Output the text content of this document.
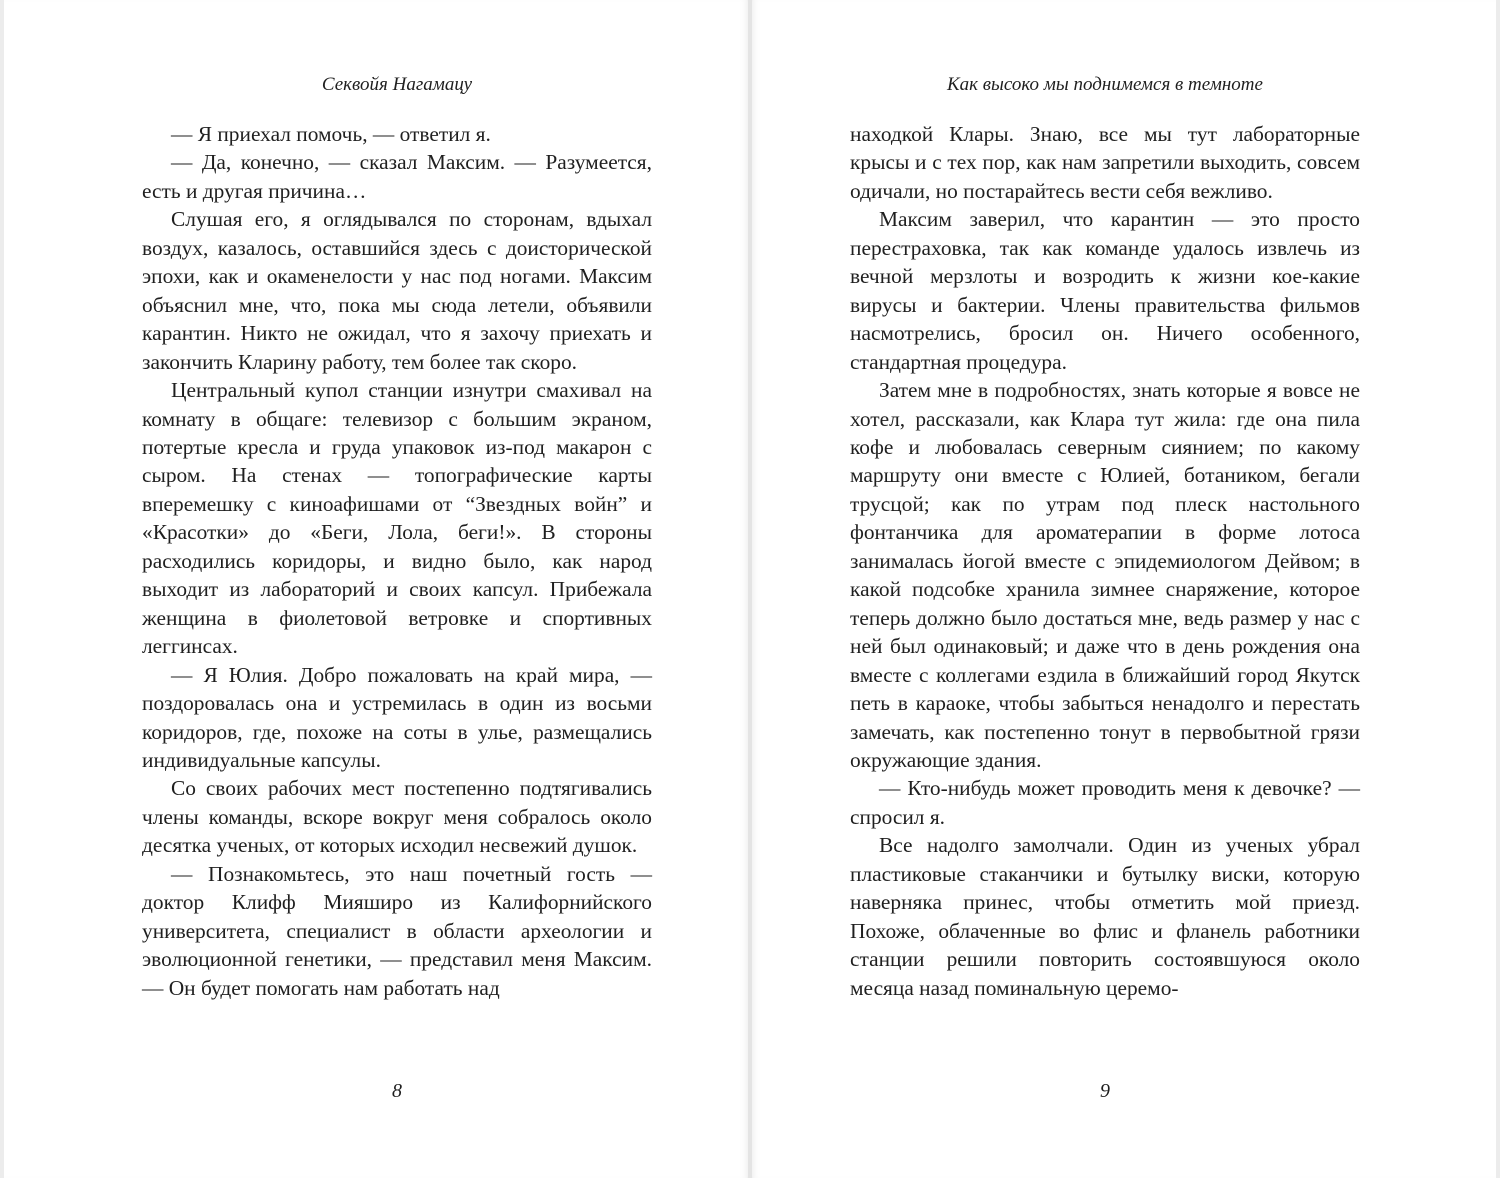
Секвойя Нагамацу

— Я приехал помочь, — ответил я.

— Да, конечно, — сказал Максим. — Разумеется, есть и другая причина…

Слушая его, я оглядывался по сторонам, вдыхал воздух, казалось, оставшийся здесь с доисторической эпохи, как и окаменелости у нас под ногами. Максим объяснил мне, что, пока мы сюда летели, объявили карантин. Никто не ожидал, что я захочу приехать и закончить Кларину работу, тем более так скоро.

Центральный купол станции изнутри смахивал на комнату в общаге: телевизор с большим экраном, потертые кресла и груда упаковок из-под макарон с сыром. На стенах — топографические карты вперемешку с киноафишами от “Звездных войн” и «Красотки» до «Беги, Лола, беги!». В стороны расходились коридоры, и видно было, как народ выходит из лабораторий и своих капсул. Прибежала женщина в фиолетовой ветровке и спортивных леггинсах.

— Я Юлия. Добро пожаловать на край мира, — поздоровалась она и устремилась в один из восьми коридоров, где, похоже на соты в улье, размещались индивидуальные капсулы.

Со своих рабочих мест постепенно подтягивались члены команды, вскоре вокруг меня собралось около десятка ученых, от которых исходил несвежий душок.

— Познакомьтесь, это наш почетный гость — доктор Клифф Мияширо из Калифорнийского университета, специалист в области археологии и эволюционной генетики, — представил меня Максим. — Он будет помогать нам работать над

8
Как высоко мы поднимемся в темноте

находкой Клары. Знаю, все мы тут лабораторные крысы и с тех пор, как нам запретили выходить, совсем одичали, но постарайтесь вести себя вежливо.

Максим заверил, что карантин — это просто перестраховка, так как команде удалось извлечь из вечной мерзлоты и возродить к жизни кое-какие вирусы и бактерии. Члены правительства фильмов насмотрелись, бросил он. Ничего особенного, стандартная процедура.

Затем мне в подробностях, знать которые я вовсе не хотел, рассказали, как Клара тут жила: где она пила кофе и любовалась северным сиянием; по какому маршруту они вместе с Юлией, ботаником, бегали трусцой; как по утрам под плеск настольного фонтанчика для ароматерапии в форме лотоса занималась йогой вместе с эпидемиологом Дейвом; в какой подсобке хранила зимнее снаряжение, которое теперь должно было достаться мне, ведь размер у нас с ней был одинаковый; и даже что в день рождения она вместе с коллегами ездила в ближайший город Якутск петь в караоке, чтобы забыться ненадолго и перестать замечать, как постепенно тонут в первобытной грязи окружающие здания.

— Кто-нибудь может проводить меня к девочке? — спросил я.

Все надолго замолчали. Один из ученых убрал пластиковые стаканчики и бутылку виски, которую наверняка принес, чтобы отметить мой приезд. Похоже, облаченные во флис и фланель работники станции решили повторить состоявшуюся около месяца назад поминальную церемо-

9
